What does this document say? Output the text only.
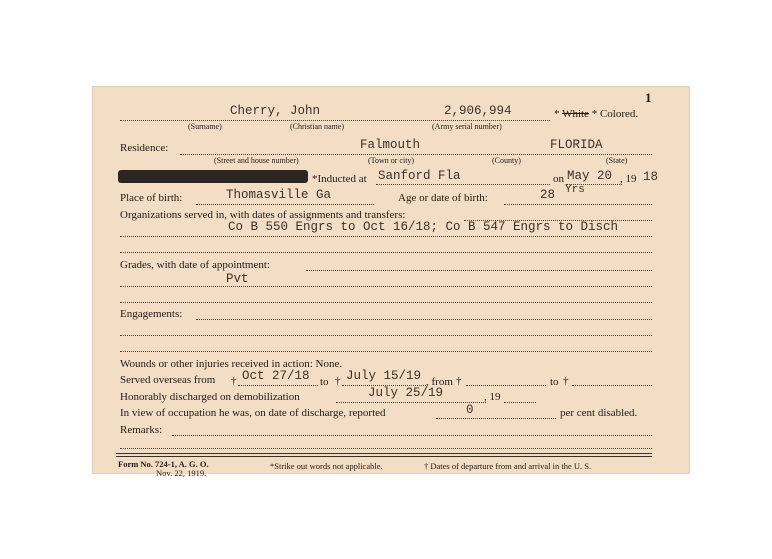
1
Cherry, John	2,906,994
(Surname)	(Christian name)	(Army serial number)
* White * Colored.
Residence:	Falmouth	FLORIDA
(Street and house number)	(Town or city)	(County)	(State)
*Inducted at Sanford Fla	on May 20 , 19 18
Place of birth:	Thomasville Ga	Age or date of birth:	28 Yrs
Organizations served in, with dates of assignments and transfers:
Co B 550 Engrs to Oct 16/18; Co B 547 Engrs to Disch
Grades, with date of appointment:
Pvt
Engagements:
Wounds or other injuries received in action: None.
Served overseas from † Oct 27/18 to † July 15/19 , from †	to †
Honorably discharged on demobilization	July 25/19	, 19
In view of occupation he was, on date of discharge, reported	0	per cent disabled.
Remarks:
Form No. 724-1, A. G. O.
Nov. 22, 1919.
*Strike out words not applicable.	† Dates of departure from and arrival in the U. S.
